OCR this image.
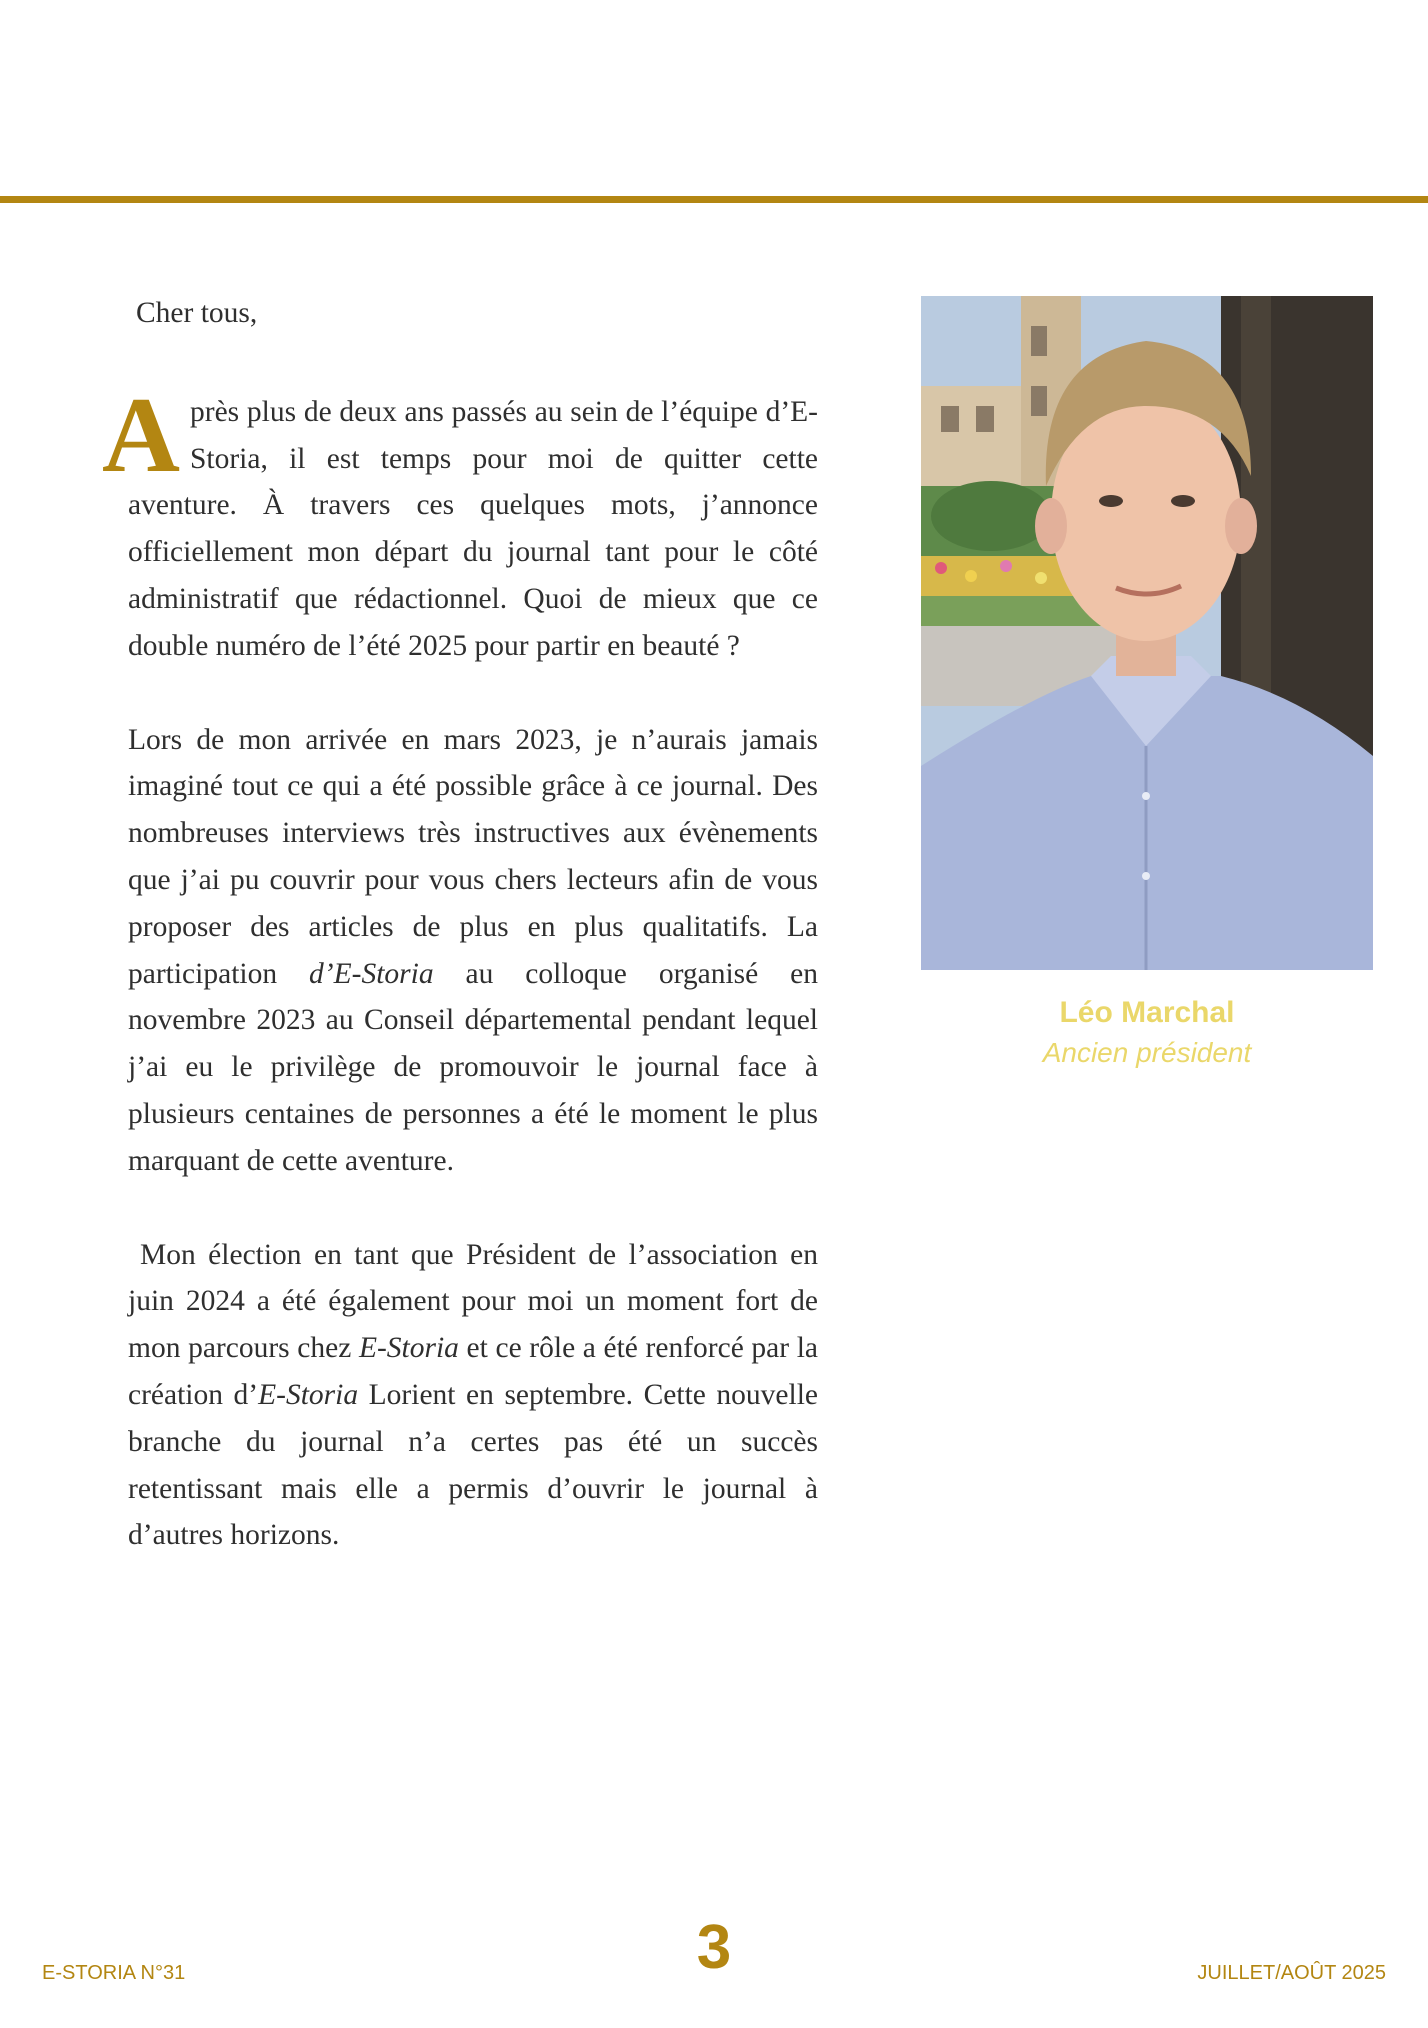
Cher tous,

Après plus de deux ans passés au sein de l’équipe d’E-Storia, il est temps pour moi de quitter cette aventure. À travers ces quelques mots, j’annonce officiellement mon départ du journal tant pour le côté administratif que rédactionnel. Quoi de mieux que ce double numéro de l’été 2025 pour partir en beauté ?

Lors de mon arrivée en mars 2023, je n’aurais jamais imaginé tout ce qui a été possible grâce à ce journal. Des nombreuses interviews très instructives aux évènements que j’ai pu couvrir pour vous chers lecteurs afin de vous proposer des articles de plus en plus qualitatifs. La participation d’E-Storia au colloque organisé en novembre 2023 au Conseil départemental pendant lequel j’ai eu le privilège de promouvoir le journal face à plusieurs centaines de personnes a été le moment le plus marquant de cette aventure.

Mon élection en tant que Président de l’association en juin 2024 a été également pour moi un moment fort de mon parcours chez E-Storia et ce rôle a été renforcé par la création d’E-Storia Lorient en septembre. Cette nouvelle branche du journal n’a certes pas été un succès retentissant mais elle a permis d’ouvrir le journal à d’autres horizons.

Léo Marchal
Ancien président
3
E-STORIA N°31	JUILLET/AOÛT 2025
